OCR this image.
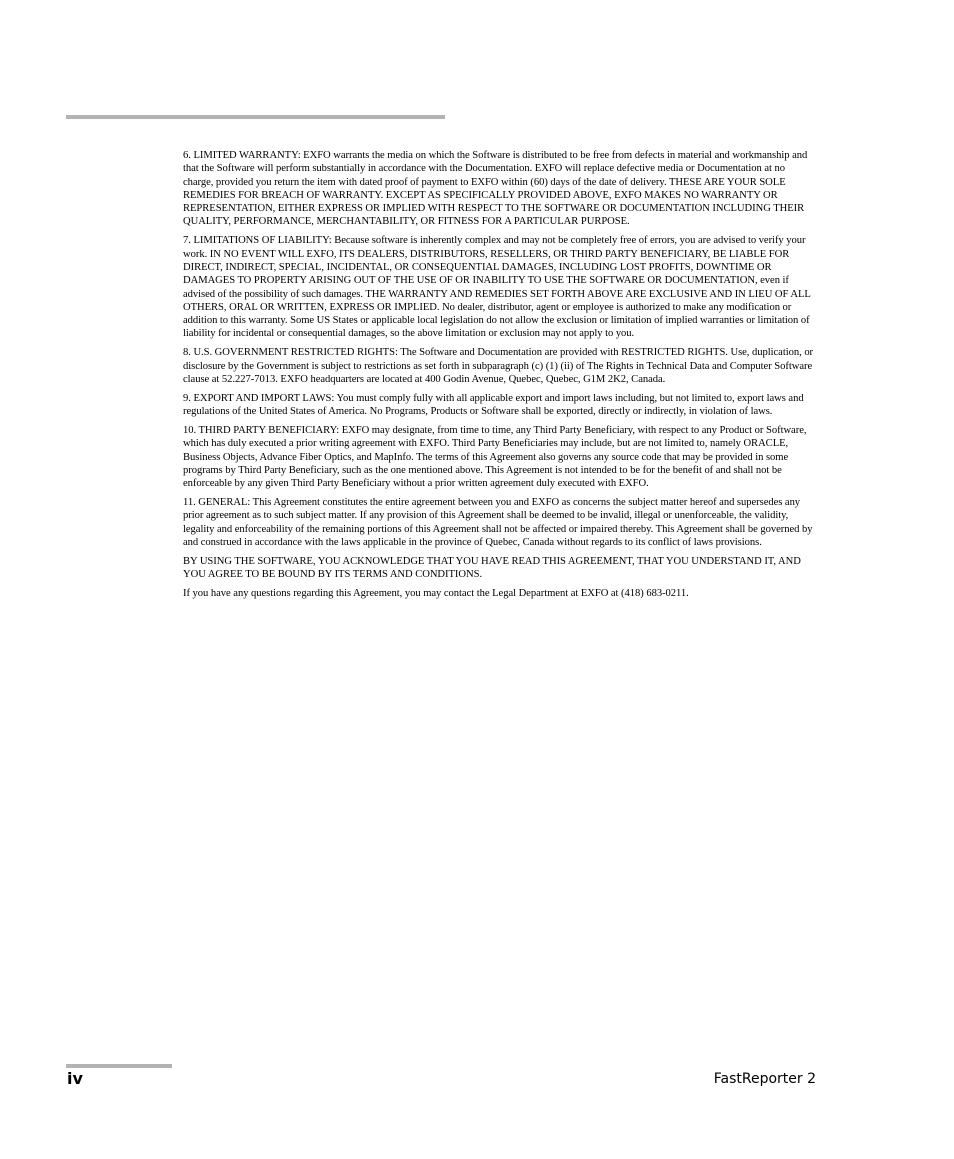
6. LIMITED WARRANTY: EXFO warrants the media on which the Software is distributed to be free from defects in material and workmanship and that the Software will perform substantially in accordance with the Documentation. EXFO will replace defective media or Documentation at no charge, provided you return the item with dated proof of payment to EXFO within (60) days of the date of delivery. THESE ARE YOUR SOLE REMEDIES FOR BREACH OF WARRANTY. EXCEPT AS SPECIFICALLY PROVIDED ABOVE, EXFO MAKES NO WARRANTY OR REPRESENTATION, EITHER EXPRESS OR IMPLIED WITH RESPECT TO THE SOFTWARE OR DOCUMENTATION INCLUDING THEIR QUALITY, PERFORMANCE, MERCHANTABILITY, OR FITNESS FOR A PARTICULAR PURPOSE.

7. LIMITATIONS OF LIABILITY: Because software is inherently complex and may not be completely free of errors, you are advised to verify your work. IN NO EVENT WILL EXFO, ITS DEALERS, DISTRIBUTORS, RESELLERS, OR THIRD PARTY BENEFICIARY, BE LIABLE FOR DIRECT, INDIRECT, SPECIAL, INCIDENTAL, OR CONSEQUENTIAL DAMAGES, INCLUDING LOST PROFITS, DOWNTIME OR DAMAGES TO PROPERTY ARISING OUT OF THE USE OF OR INABILITY TO USE THE SOFTWARE OR DOCUMENTATION, even if advised of the possibility of such damages. THE WARRANTY AND REMEDIES SET FORTH ABOVE ARE EXCLUSIVE AND IN LIEU OF ALL OTHERS, ORAL OR WRITTEN, EXPRESS OR IMPLIED. No dealer, distributor, agent or employee is authorized to make any modification or addition to this warranty. Some US States or applicable local legislation do not allow the exclusion or limitation of implied warranties or limitation of liability for incidental or consequential damages, so the above limitation or exclusion may not apply to you.

8. U.S. GOVERNMENT RESTRICTED RIGHTS: The Software and Documentation are provided with RESTRICTED RIGHTS. Use, duplication, or disclosure by the Government is subject to restrictions as set forth in subparagraph (c) (1) (ii) of The Rights in Technical Data and Computer Software clause at 52.227-7013. EXFO headquarters are located at 400 Godin Avenue, Quebec, Quebec, G1M 2K2, Canada.

9. EXPORT AND IMPORT LAWS: You must comply fully with all applicable export and import laws including, but not limited to, export laws and regulations of the United States of America. No Programs, Products or Software shall be exported, directly or indirectly, in violation of laws.

10. THIRD PARTY BENEFICIARY: EXFO may designate, from time to time, any Third Party Beneficiary, with respect to any Product or Software, which has duly executed a prior writing agreement with EXFO. Third Party Beneficiaries may include, but are not limited to, namely ORACLE, Business Objects, Advance Fiber Optics, and MapInfo. The terms of this Agreement also governs any source code that may be provided in some programs by Third Party Beneficiary, such as the one mentioned above. This Agreement is not intended to be for the benefit of and shall not be enforceable by any given Third Party Beneficiary without a prior written agreement duly executed with EXFO.

11. GENERAL: This Agreement constitutes the entire agreement between you and EXFO as concerns the subject matter hereof and supersedes any prior agreement as to such subject matter. If any provision of this Agreement shall be deemed to be invalid, illegal or unenforceable, the validity, legality and enforceability of the remaining portions of this Agreement shall not be affected or impaired thereby. This Agreement shall be governed by and construed in accordance with the laws applicable in the province of Quebec, Canada without regards to its conflict of laws provisions.

BY USING THE SOFTWARE, YOU ACKNOWLEDGE THAT YOU HAVE READ THIS AGREEMENT, THAT YOU UNDERSTAND IT, AND YOU AGREE TO BE BOUND BY ITS TERMS AND CONDITIONS.

If you have any questions regarding this Agreement, you may contact the Legal Department at EXFO at (418) 683-0211.

iv	FastReporter 2
